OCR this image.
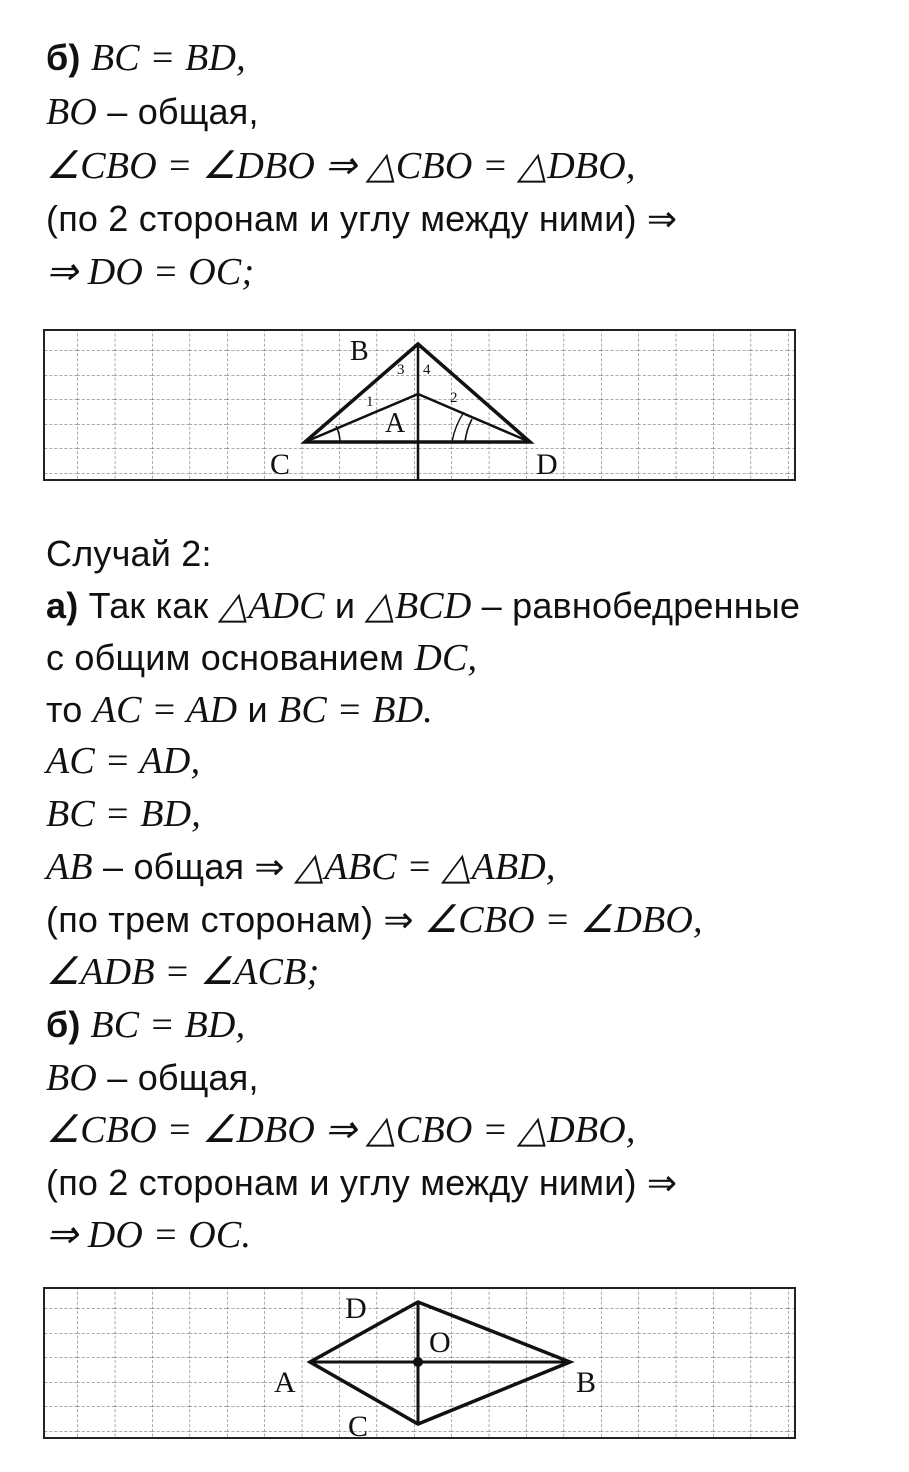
б) BC = BD,
BO – общая,
∠CBO = ∠DBO ⇒ △CBO = △DBO,
(по 2 сторонам и углу между ними) ⇒
⇒ DO = OC;
B
A
C	D
1	2
3 4
Случай 2:
а) Так как △ADC и △BCD – равнобедренные
с общим основанием DC,
то AC = AD и BC = BD.
AC = AD,
BC = BD,
AB – общая ⇒ △ABC = △ABD,
(по трем сторонам) ⇒ ∠CBO = ∠DBO,
∠ADB = ∠ACB;
б) BC = BD,
BO – общая,
∠CBO = ∠DBO ⇒ △CBO = △DBO,
(по 2 сторонам и углу между ними) ⇒
⇒ DO = OC.
D
O
A	B
C
